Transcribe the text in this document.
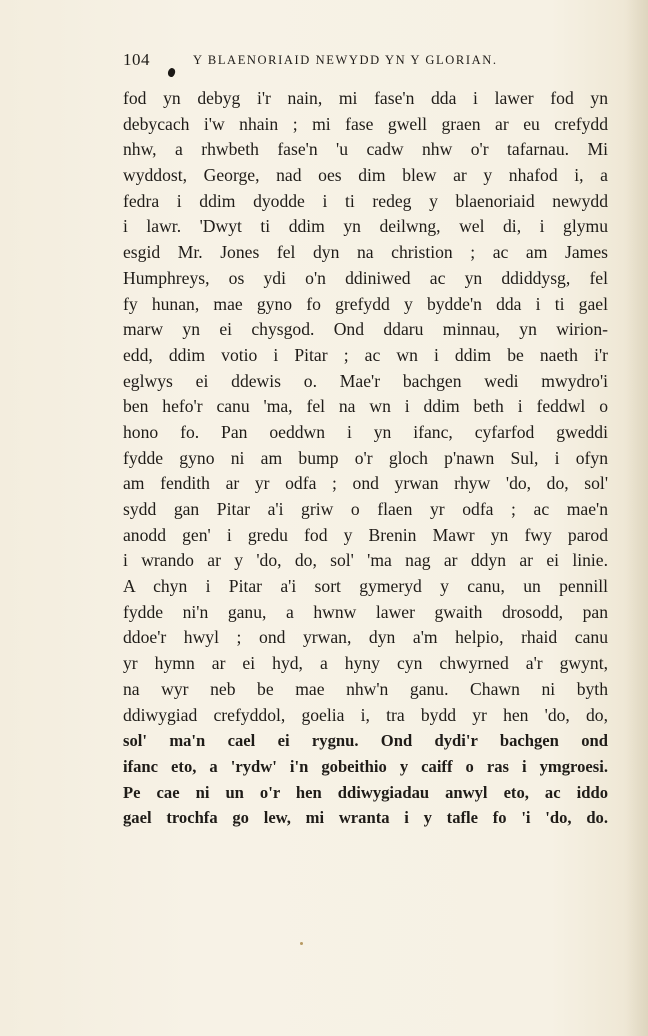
104	Y BLAENORIAID NEWYDD YN Y GLORIAN.
fod yn debyg i'r nain, mi fase'n dda i lawer fod yn
debycach i'w nhain ; mi fase gwell graen ar eu crefydd
nhw, a rhwbeth fase'n 'u cadw nhw o'r tafarnau. Mi
wyddost, George, nad oes dim blew ar y nhafod i, a
fedra i ddim dyodde i ti redeg y blaenoriaid newydd
i lawr. 'Dwyt ti ddim yn deilwng, wel di, i glymu
esgid Mr. Jones fel dyn na christion ; ac am James
Humphreys, os ydi o'n ddiniwed ac yn ddiddysg, fel
fy hunan, mae gyno fo grefydd y bydde'n dda i ti gael
marw yn ei chysgod. Ond ddaru minnau, yn wirion-
edd, ddim votio i Pitar ; ac wn i ddim be naeth i'r
eglwys ei ddewis o. Mae'r bachgen wedi mwydro'i
ben hefo'r canu 'ma, fel na wn i ddim beth i feddwl o
hono fo. Pan oeddwn i yn ifanc, cyfarfod gweddi
fydde gyno ni am bump o'r gloch p'nawn Sul, i ofyn
am fendith ar yr odfa ; ond yrwan rhyw 'do, do, sol'
sydd gan Pitar a'i griw o flaen yr odfa ; ac mae'n
anodd gen' i gredu fod y Brenin Mawr yn fwy parod
i wrando ar y 'do, do, sol' 'ma nag ar ddyn ar ei linie.
A chyn i Pitar a'i sort gymeryd y canu, un pennill
fydde ni'n ganu, a hwnw lawer gwaith drosodd, pan
ddoe'r hwyl ; ond yrwan, dyn a'm helpio, rhaid canu
yr hymn ar ei hyd, a hyny cyn chwyrned a'r gwynt,
na wyr neb be mae nhw'n ganu. Chawn ni byth
ddiwygiad crefyddol, goelia i, tra bydd yr hen 'do, do,
sol' ma'n cael ei rygnu. Ond dydi'r bachgen ond
ifanc eto, a 'rydw' i'n gobeithio y caiff o ras i ymgroesi.
Pe cae ni un o'r hen ddiwygiadau anwyl eto, ac iddo
gael trochfa go lew, mi wranta i y tafle fo 'i 'do, do.
